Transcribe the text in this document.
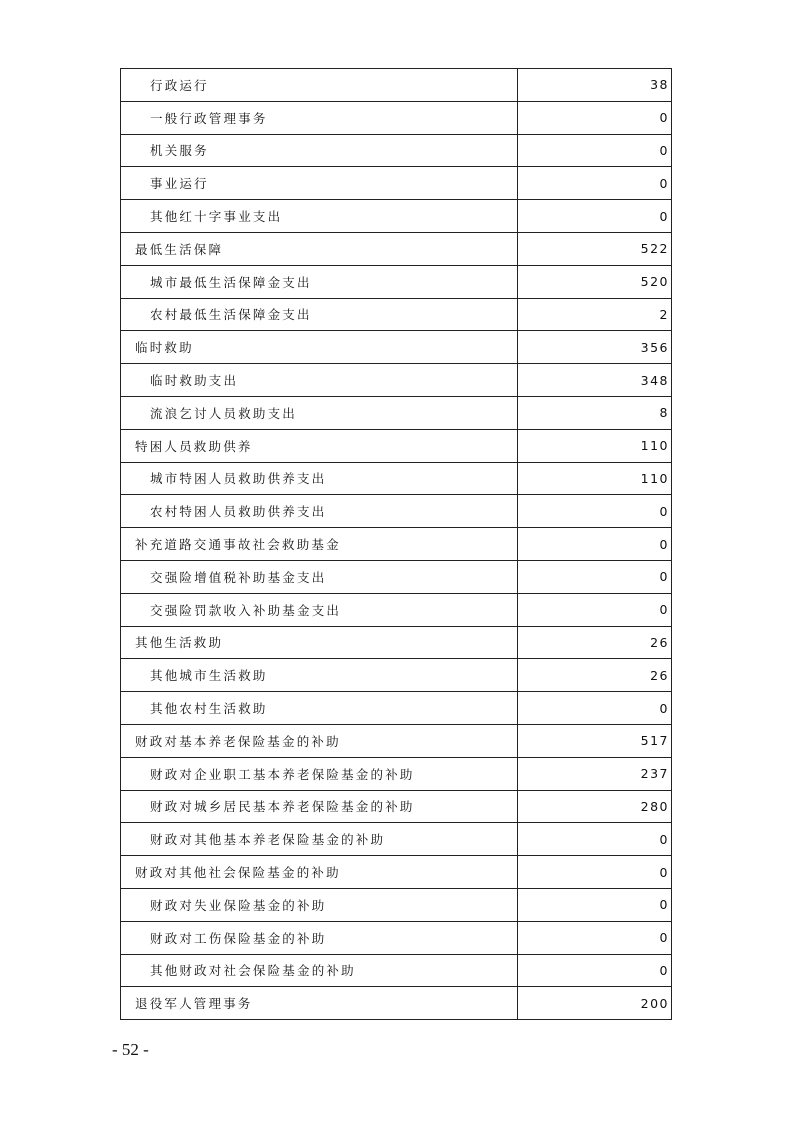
行政运行	38
一般行政管理事务	0
机关服务	0
事业运行	0
其他红十字事业支出	0
最低生活保障	522
城市最低生活保障金支出	520
农村最低生活保障金支出	2
临时救助	356
临时救助支出	348
流浪乞讨人员救助支出	8
特困人员救助供养	110
城市特困人员救助供养支出	110
农村特困人员救助供养支出	0
补充道路交通事故社会救助基金	0
交强险增值税补助基金支出	0
交强险罚款收入补助基金支出	0
其他生活救助	26
其他城市生活救助	26
其他农村生活救助	0
财政对基本养老保险基金的补助	517
财政对企业职工基本养老保险基金的补助	237
财政对城乡居民基本养老保险基金的补助	280
财政对其他基本养老保险基金的补助	0
财政对其他社会保险基金的补助	0
财政对失业保险基金的补助	0
财政对工伤保险基金的补助	0
其他财政对社会保险基金的补助	0
退役军人管理事务	200
- 52 -
